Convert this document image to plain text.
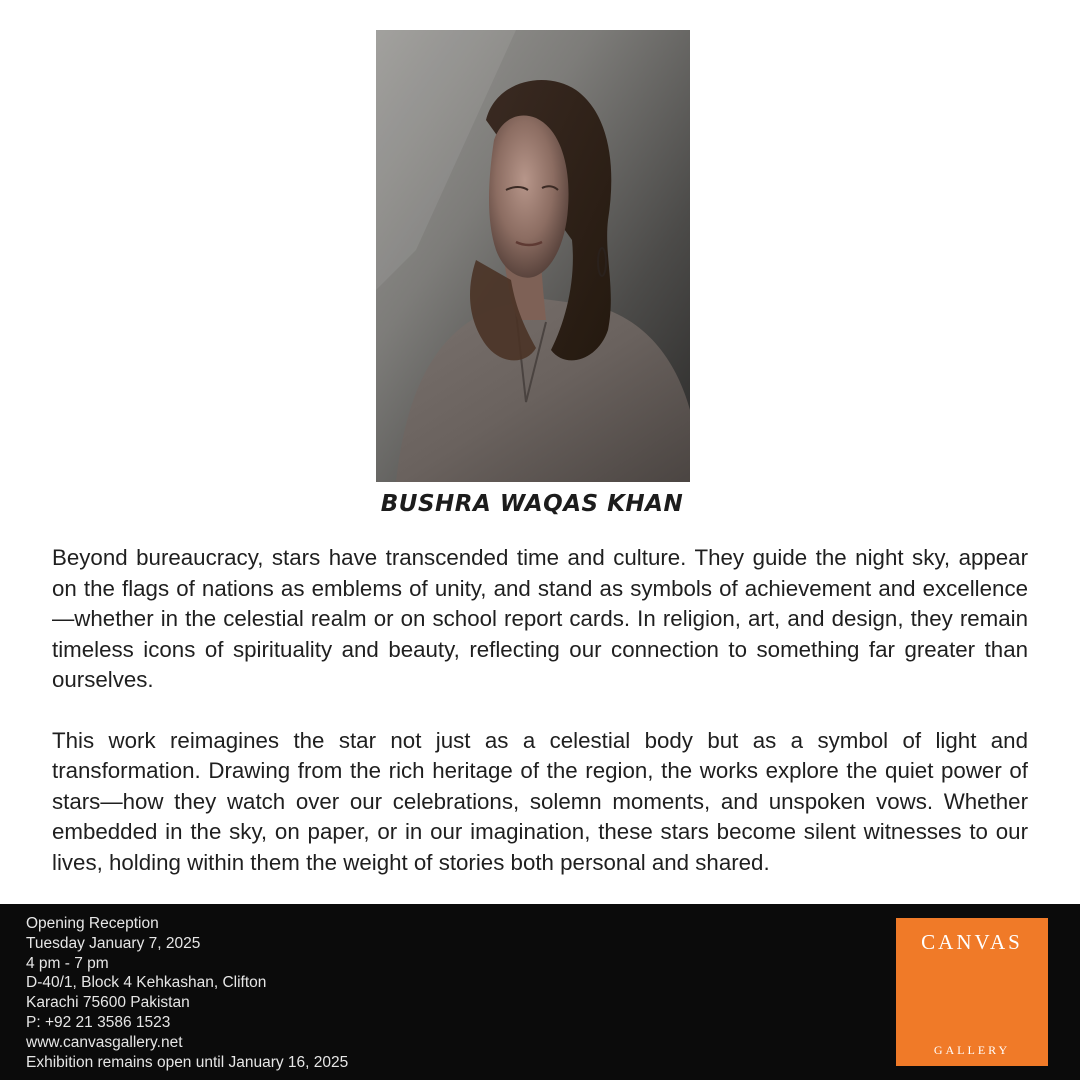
BUSHRA WAQAS KHAN

Beyond bureaucracy, stars have transcended time and culture. They guide the night sky, appear on the flags of nations as emblems of unity, and stand as symbols of achievement and excellence—whether in the celestial realm or on school report cards. In religion, art, and design, they remain timeless icons of spirituality and beauty, reflecting our connection to something far greater than ourselves.

This work reimagines the star not just as a celestial body but as a symbol of light and transformation. Drawing from the rich heritage of the region, the works explore the quiet power of stars—how they watch over our celebrations, solemn moments, and unspoken vows. Whether embedded in the sky, on paper, or in our imagination, these stars become silent witnesses to our lives, holding within them the weight of stories both personal and shared.

Opening Reception
Tuesday January 7, 2025
4 pm - 7 pm
D-40/1, Block 4 Kehkashan, Clifton
Karachi 75600 Pakistan
P: +92 21 3586 1523
www.canvasgallery.net
Exhibition remains open until January 16, 2025
CANVAS
GALLERY
